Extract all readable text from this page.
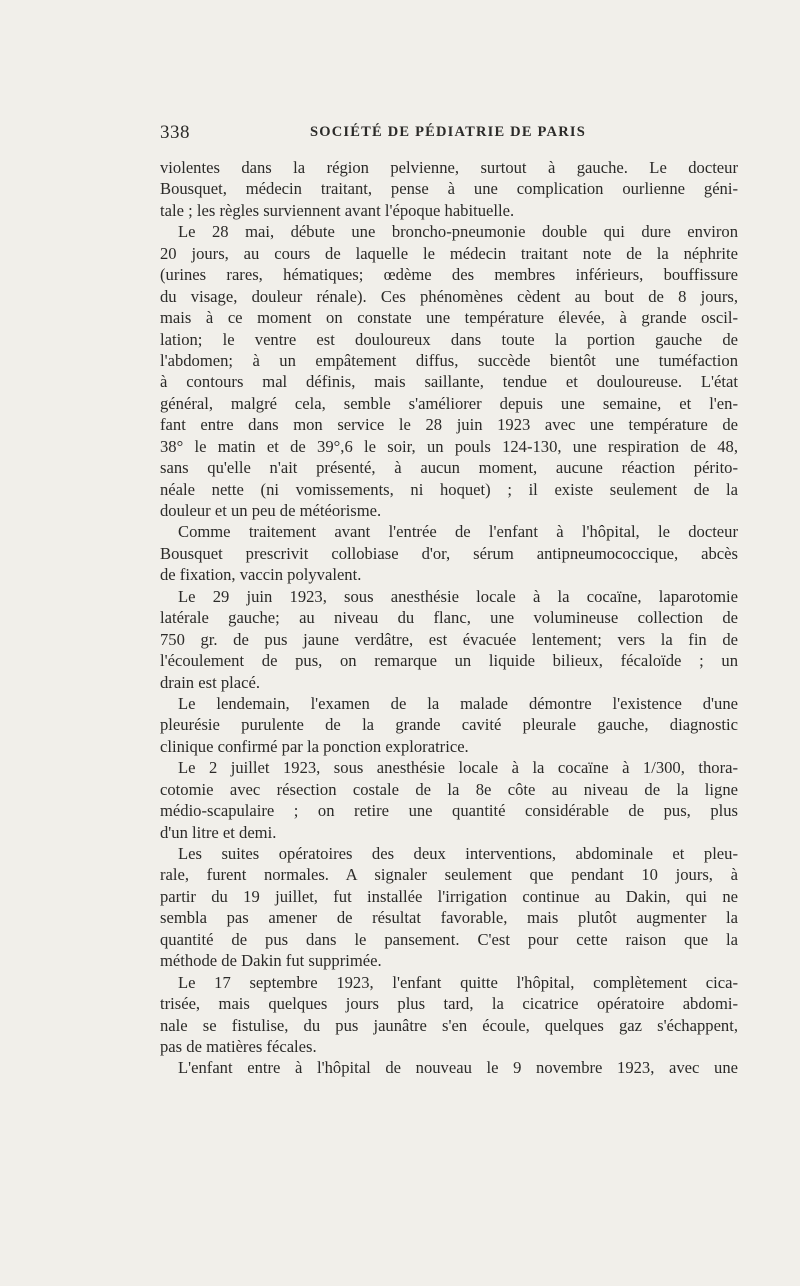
338	SOCIÉTÉ DE PÉDIATRIE DE PARIS
violentes dans la région pelvienne, surtout à gauche. Le docteur
Bousquet, médecin traitant, pense à une complication ourlienne géni-
tale ; les règles surviennent avant l'époque habituelle.
Le 28 mai, débute une broncho-pneumonie double qui dure environ
20 jours, au cours de laquelle le médecin traitant note de la néphrite
(urines rares, hématiques; œdème des membres inférieurs, bouffissure
du visage, douleur rénale). Ces phénomènes cèdent au bout de 8 jours,
mais à ce moment on constate une température élevée, à grande oscil-
lation; le ventre est douloureux dans toute la portion gauche de
l'abdomen; à un empâtement diffus, succède bientôt une tuméfaction
à contours mal définis, mais saillante, tendue et douloureuse. L'état
général, malgré cela, semble s'améliorer depuis une semaine, et l'en-
fant entre dans mon service le 28 juin 1923 avec une température de
38° le matin et de 39°,6 le soir, un pouls 124-130, une respiration de 48,
sans qu'elle n'ait présenté, à aucun moment, aucune réaction périto-
néale nette (ni vomissements, ni hoquet) ; il existe seulement de la
douleur et un peu de météorisme.
Comme traitement avant l'entrée de l'enfant à l'hôpital, le docteur
Bousquet prescrivit collobiase d'or, sérum antipneumococcique, abcès
de fixation, vaccin polyvalent.
Le 29 juin 1923, sous anesthésie locale à la cocaïne, laparotomie
latérale gauche; au niveau du flanc, une volumineuse collection de
750 gr. de pus jaune verdâtre, est évacuée lentement; vers la fin de
l'écoulement de pus, on remarque un liquide bilieux, fécaloïde ; un
drain est placé.
Le lendemain, l'examen de la malade démontre l'existence d'une
pleurésie purulente de la grande cavité pleurale gauche, diagnostic
clinique confirmé par la ponction exploratrice.
Le 2 juillet 1923, sous anesthésie locale à la cocaïne à 1/300, thora-
cotomie avec résection costale de la 8e côte au niveau de la ligne
médio-scapulaire ; on retire une quantité considérable de pus, plus
d'un litre et demi.
Les suites opératoires des deux interventions, abdominale et pleu-
rale, furent normales. A signaler seulement que pendant 10 jours, à
partir du 19 juillet, fut installée l'irrigation continue au Dakin, qui ne
sembla pas amener de résultat favorable, mais plutôt augmenter la
quantité de pus dans le pansement. C'est pour cette raison que la
méthode de Dakin fut supprimée.
Le 17 septembre 1923, l'enfant quitte l'hôpital, complètement cica-
trisée, mais quelques jours plus tard, la cicatrice opératoire abdomi-
nale se fistulise, du pus jaunâtre s'en écoule, quelques gaz s'échappent,
pas de matières fécales.
L'enfant entre à l'hôpital de nouveau le 9 novembre 1923, avec une
